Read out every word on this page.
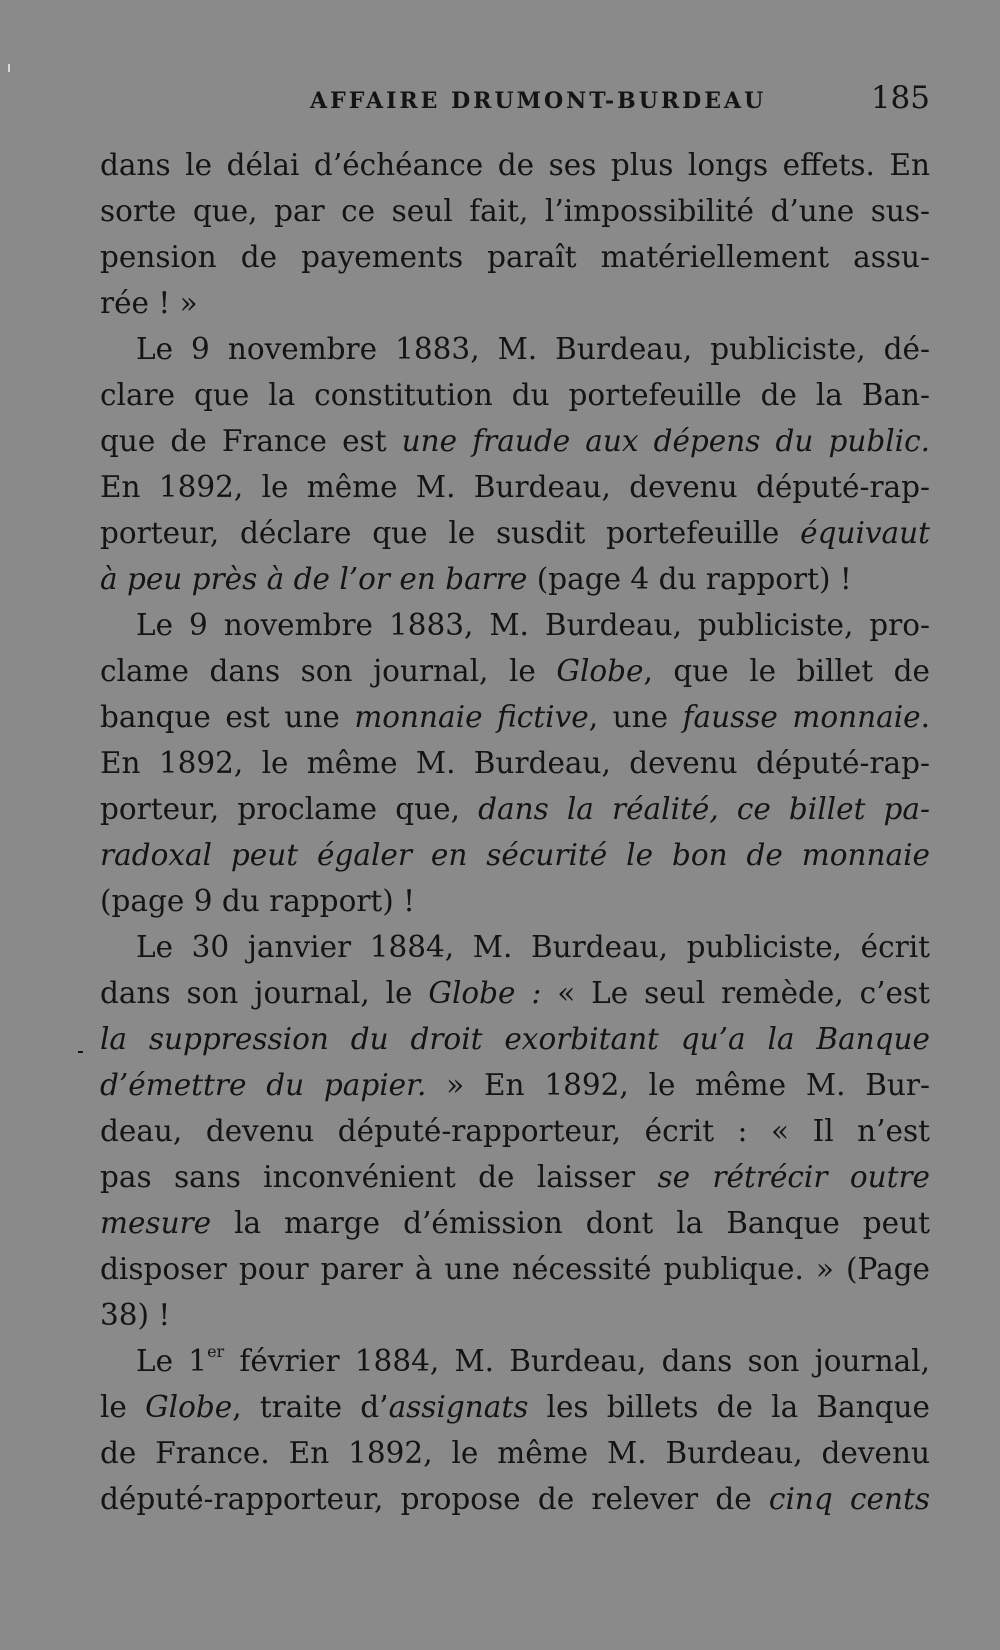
AFFAIRE DRUMONT-BURDEAU	185
dans le délai d’échéance de ses plus longs effets. En
sorte que, par ce seul fait, l’impossibilité d’une sus-
pension de payements paraît matériellement assu-
rée ! »
Le 9 novembre 1883, M. Burdeau, publiciste, dé-
clare que la constitution du portefeuille de la Ban-
que de France est une fraude aux dépens du public.
En 1892, le même M. Burdeau, devenu député-rap-
porteur, déclare que le susdit portefeuille équivaut
à peu près à de l’or en barre (page 4 du rapport) !
Le 9 novembre 1883, M. Burdeau, publiciste, pro-
clame dans son journal, le Globe, que le billet de
banque est une monnaie fictive, une fausse monnaie.
En 1892, le même M. Burdeau, devenu député-rap-
porteur, proclame que, dans la réalité, ce billet pa-
radoxal peut égaler en sécurité le bon de monnaie
(page 9 du rapport) !
Le 30 janvier 1884, M. Burdeau, publiciste, écrit
dans son journal, le Globe : « Le seul remède, c’est
la suppression du droit exorbitant qu’a la Banque
d’émettre du papier. » En 1892, le même M. Bur-
deau, devenu député-rapporteur, écrit : « Il n’est
pas sans inconvénient de laisser se rétrécir outre
mesure la marge d’émission dont la Banque peut
disposer pour parer à une nécessité publique. » (Page
38) !
Le 1er février 1884, M. Burdeau, dans son journal,
le Globe, traite d’assignats les billets de la Banque
de France. En 1892, le même M. Burdeau, devenu
député-rapporteur, propose de relever de cinq cents
